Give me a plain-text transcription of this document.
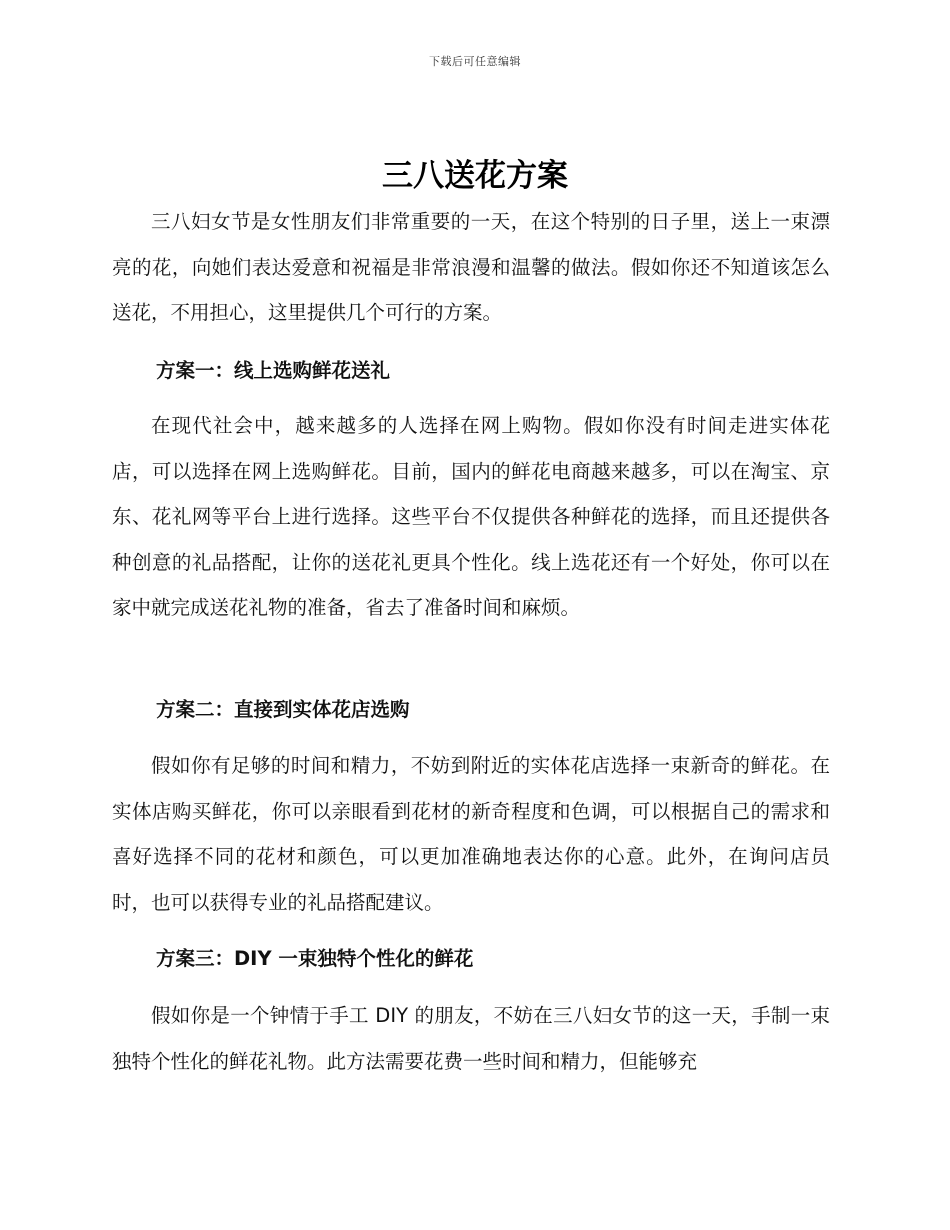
下载后可任意编辑
三八送花方案

三八妇女节是女性朋友们非常重要的一天，在这个特别的日子里，送上一束漂亮的花，向她们表达爱意和祝福是非常浪漫和温馨的做法。假如你还不知道该怎么送花，不用担心，这里提供几个可行的方案。

方案一：线上选购鲜花送礼

在现代社会中，越来越多的人选择在网上购物。假如你没有时间走进实体花店，可以选择在网上选购鲜花。目前，国内的鲜花电商越来越多，可以在淘宝、京东、花礼网等平台上进行选择。这些平台不仅提供各种鲜花的选择，而且还提供各种创意的礼品搭配，让你的送花礼更具个性化。线上选花还有一个好处，你可以在家中就完成送花礼物的准备，省去了准备时间和麻烦。

方案二：直接到实体花店选购

假如你有足够的时间和精力，不妨到附近的实体花店选择一束新奇的鲜花。在实体店购买鲜花，你可以亲眼看到花材的新奇程度和色调，可以根据自己的需求和喜好选择不同的花材和颜色，可以更加准确地表达你的心意。此外，在询问店员时，也可以获得专业的礼品搭配建议。

方案三：DIY 一束独特个性化的鲜花

假如你是一个钟情于手工 DIY 的朋友，不妨在三八妇女节的这一天，手制一束独特个性化的鲜花礼物。此方法需要花费一些时间和精力，但能够充
